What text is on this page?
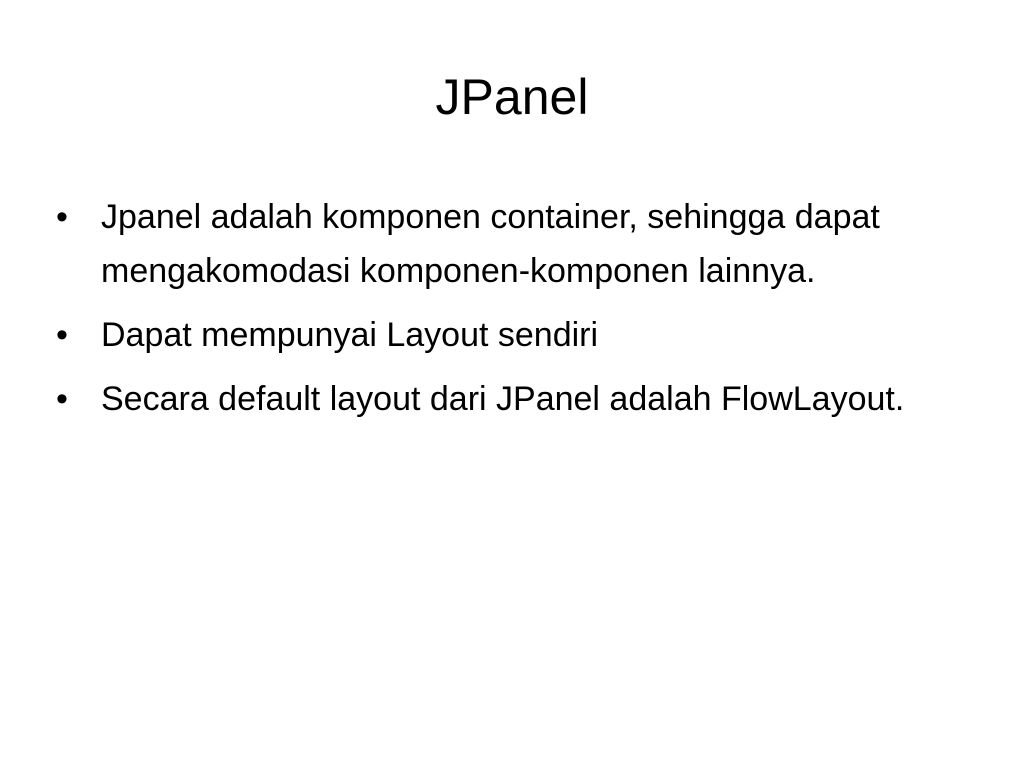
JPanel
• Jpanel adalah komponen container, sehingga dapat mengakomodasi komponen-komponen lainnya.
• Dapat mempunyai Layout sendiri
• Secara default layout dari JPanel adalah FlowLayout.
